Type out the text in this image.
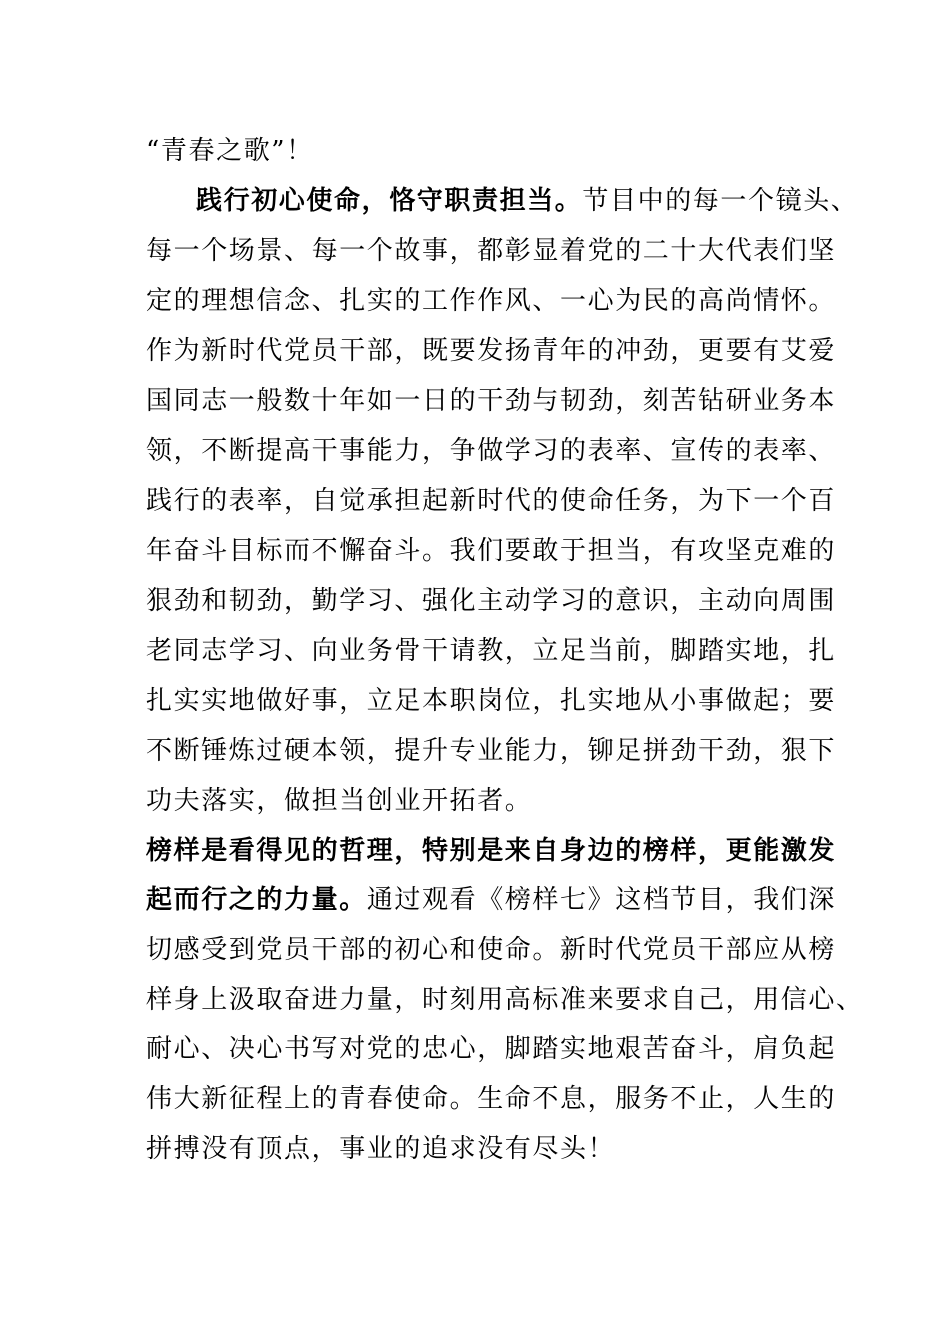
“青春之歌”！
践行初心使命，恪守职责担当。节目中的每一个镜头、
每一个场景、每一个故事，都彰显着党的二十大代表们坚
定的理想信念、扎实的工作作风、一心为民的高尚情怀。
作为新时代党员干部，既要发扬青年的冲劲，更要有艾爱
国同志一般数十年如一日的干劲与韧劲，刻苦钻研业务本
领，不断提高干事能力，争做学习的表率、宣传的表率、
践行的表率，自觉承担起新时代的使命任务，为下一个百
年奋斗目标而不懈奋斗。我们要敢于担当，有攻坚克难的
狠劲和韧劲，勤学习、强化主动学习的意识，主动向周围
老同志学习、向业务骨干请教，立足当前，脚踏实地，扎
扎实实地做好事，立足本职岗位，扎实地从小事做起；要
不断锤炼过硬本领，提升专业能力，铆足拼劲干劲，狠下
功夫落实，做担当创业开拓者。
榜样是看得见的哲理，特别是来自身边的榜样，更能激发
起而行之的力量。通过观看《榜样七》这档节目，我们深
切感受到党员干部的初心和使命。新时代党员干部应从榜
样身上汲取奋进力量，时刻用高标准来要求自己，用信心、
耐心、决心书写对党的忠心，脚踏实地艰苦奋斗，肩负起
伟大新征程上的青春使命。生命不息，服务不止，人生的
拼搏没有顶点，事业的追求没有尽头！
